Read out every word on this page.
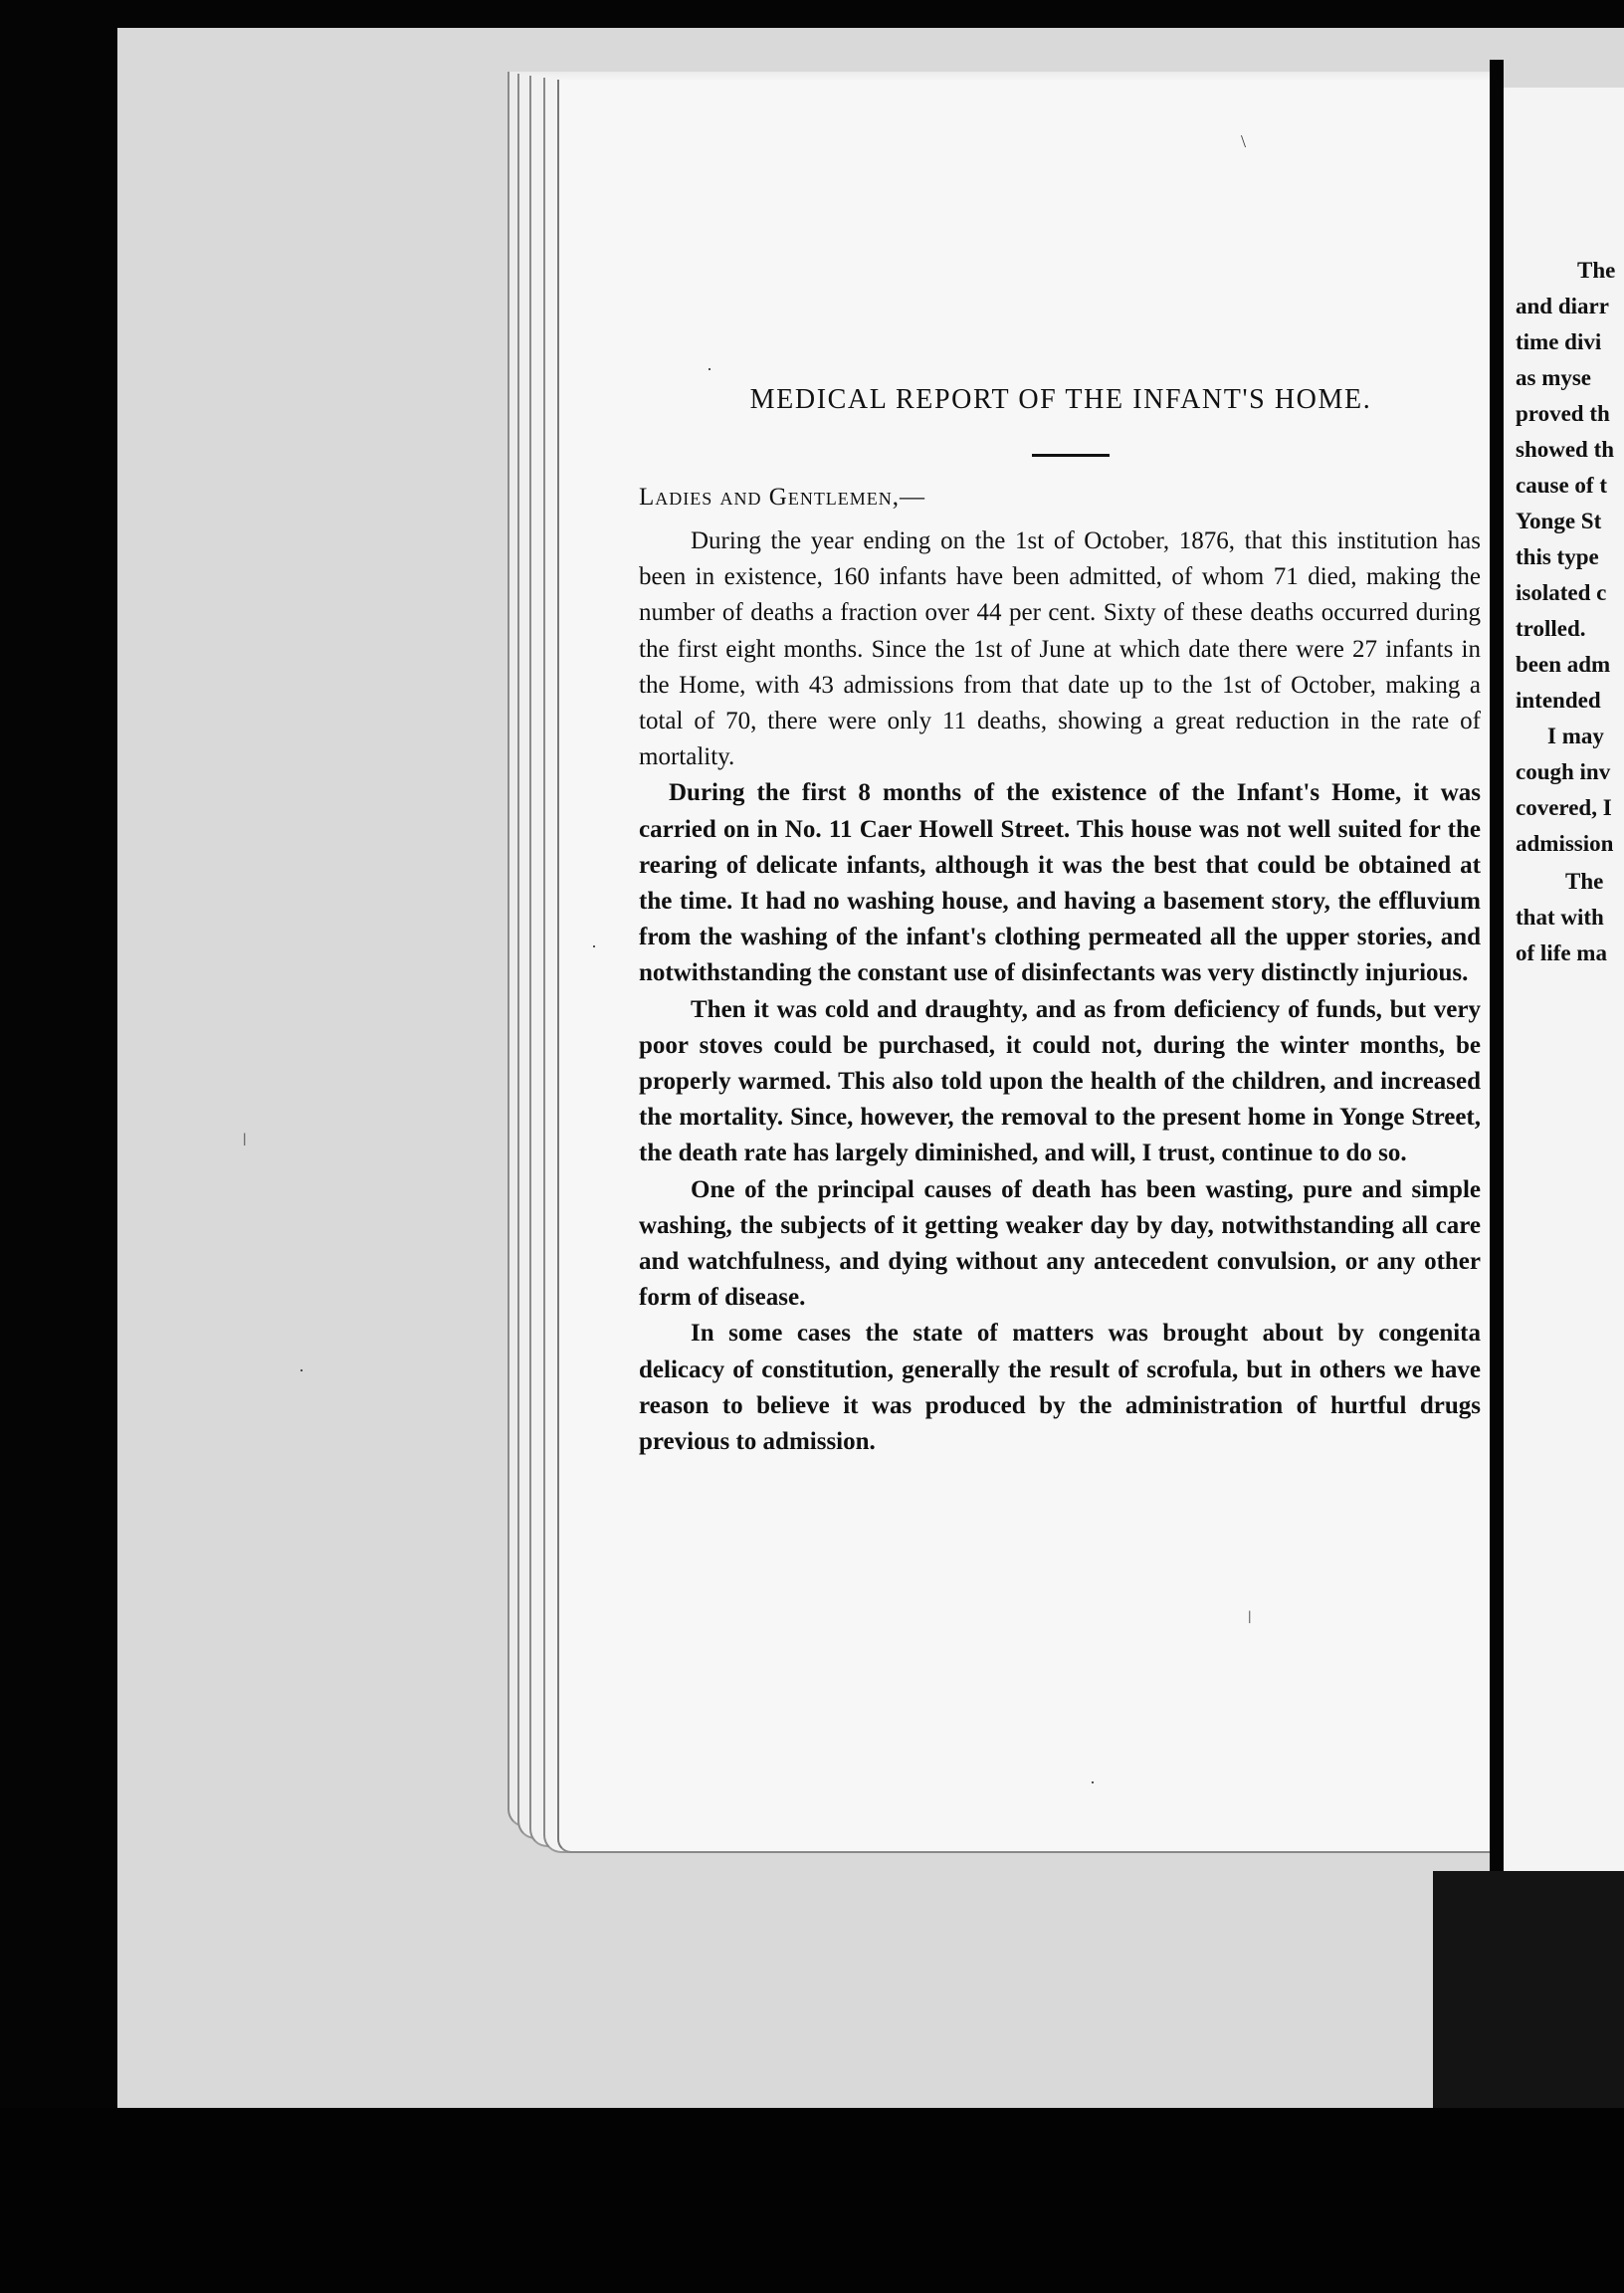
The
and diarr
time divi
as myse
proved th
showed th
cause of t
Yonge St
this type
isolated c
trolled.
been adm
intended
I may
cough inv
covered, I
admission
The
that with
of life ma
MEDICAL REPORT OF THE INFANT'S HOME.
Ladies and Gentlemen,—

During the year ending on the 1st of October, 1876, that this institution has been in existence, 160 infants have been admitted, of whom 71 died, making the number of deaths a fraction over 44 per cent. Sixty of these deaths occurred during the first eight months. Since the 1st of June at which date there were 27 infants in the Home, with 43 admissions from that date up to the 1st of October, making a total of 70, there were only 11 deaths, showing a great reduction in the rate of mortality.

During the first 8 months of the existence of the Infant's Home, it was carried on in No. 11 Caer Howell Street. This house was not well suited for the rearing of delicate infants, although it was the best that could be obtained at the time. It had no washing house, and having a basement story, the effluvium from the washing of the infant's clothing permeated all the upper stories, and notwithstanding the constant use of disinfectants was very distinctly injurious.

Then it was cold and draughty, and as from deficiency of funds, but very poor stoves could be purchased, it could not, during the winter months, be properly warmed. This also told upon the health of the children, and increased the mortality. Since, however, the removal to the present home in Yonge Street, the death rate has largely diminished, and will, I trust, continue to do so.

One of the principal causes of death has been wasting, pure and simple washing, the subjects of it getting weaker day by day, notwithstanding all care and watchfulness, and dying without any antecedent convulsion, or any other form of disease.

In some cases the state of matters was brought about by congenita delicacy of constitution, generally the result of scrofula, but in others we have reason to believe it was produced by the administration of hurtful drugs previous to admission.

·
\
ǀ
·
·
·
ǀ
